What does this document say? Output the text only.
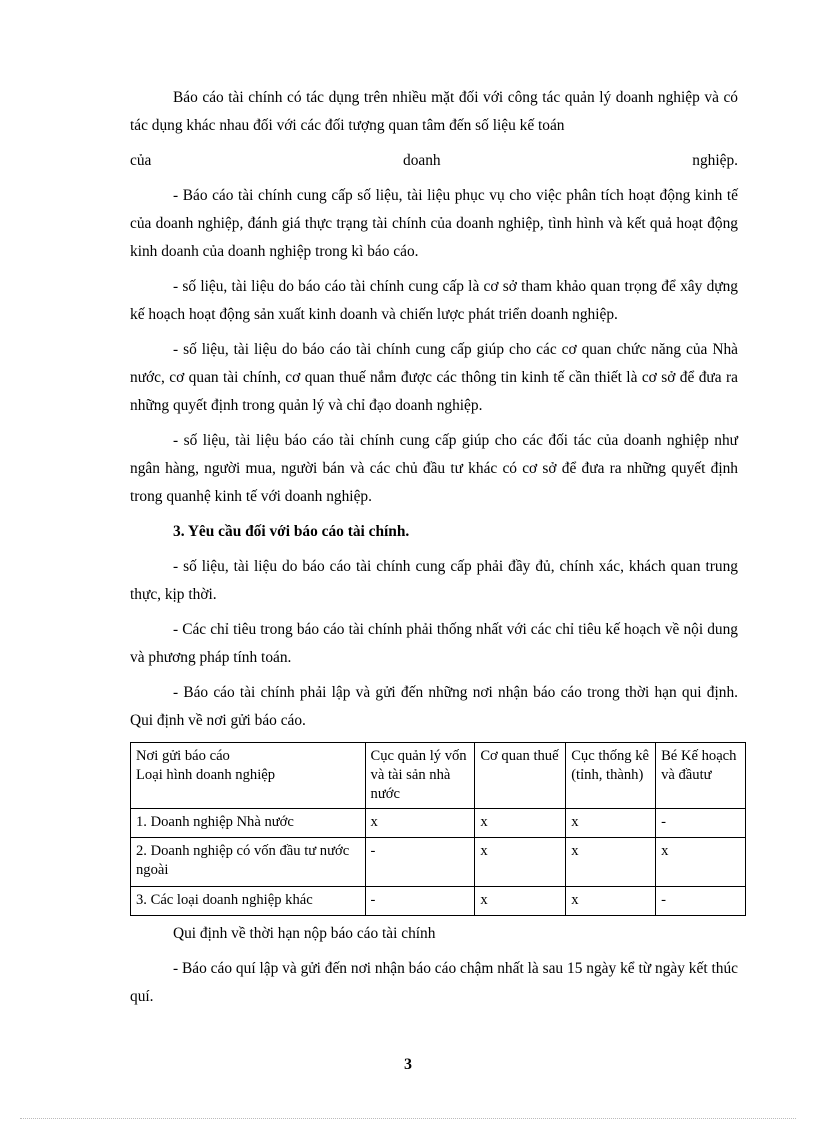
Báo cáo tài chính có tác dụng trên nhiều mặt đối với công tác quản lý doanh nghiệp và có tác dụng khác nhau đối với các đối tượng quan tâm đến số liệu kế toán

của doanh nghiệp.

- Báo cáo tài chính cung cấp số liệu, tài liệu phục vụ cho việc phân tích hoạt động kinh tế của doanh nghiệp, đánh giá thực trạng tài chính của doanh nghiệp, tình hình và kết quả hoạt động kinh doanh của doanh nghiệp trong kì báo cáo.

- số liệu, tài liệu do báo cáo tài chính cung cấp là cơ sở tham khảo quan trọng để xây dựng kế hoạch hoạt động sản xuất kinh doanh và chiến lược phát triển doanh nghiệp.

- số liệu, tài liệu do báo cáo tài chính cung cấp giúp cho các cơ quan chức năng của Nhà nước, cơ quan tài chính, cơ quan thuế nắm được các thông tin kinh tế cần thiết là cơ sở để đưa ra những quyết định trong quản lý và chỉ đạo doanh nghiệp.

- số liệu, tài liệu báo cáo tài chính cung cấp giúp cho các đối tác của doanh nghiệp như ngân hàng, người mua, người bán và các chủ đầu tư khác có cơ sở để đưa ra những quyết định trong quanhệ kinh tế với doanh nghiệp.

3. Yêu cầu đối với báo cáo tài chính.

- số liệu, tài liệu do báo cáo tài chính cung cấp phải đầy đủ, chính xác, khách quan trung thực, kịp thời.

- Các chỉ tiêu trong báo cáo tài chính phải thống nhất với các chỉ tiêu kế hoạch về nội dung và phương pháp tính toán.

- Báo cáo tài chính phải lập và gửi đến những nơi nhận báo cáo trong thời hạn qui định. Qui định về nơi gửi báo cáo.

Nơi gửi báo cáo
Loại hình doanh nghiệp	Cục quản lý vốn và tài sản nhà nước	Cơ quan thuế	Cục thống kê (tỉnh, thành)	Bé Kế hoạch và đầutư
1. Doanh nghiệp Nhà nước	x	x	x	-
2. Doanh nghiệp có vốn đầu tư nước ngoài	-	x	x	x
3. Các loại doanh nghiệp khác	-	x	x	-

Qui định về thời hạn nộp báo cáo tài chính

- Báo cáo quí lập và gửi đến nơi nhận báo cáo chậm nhất là sau 15 ngày kể từ ngày kết thúc quí.

3
